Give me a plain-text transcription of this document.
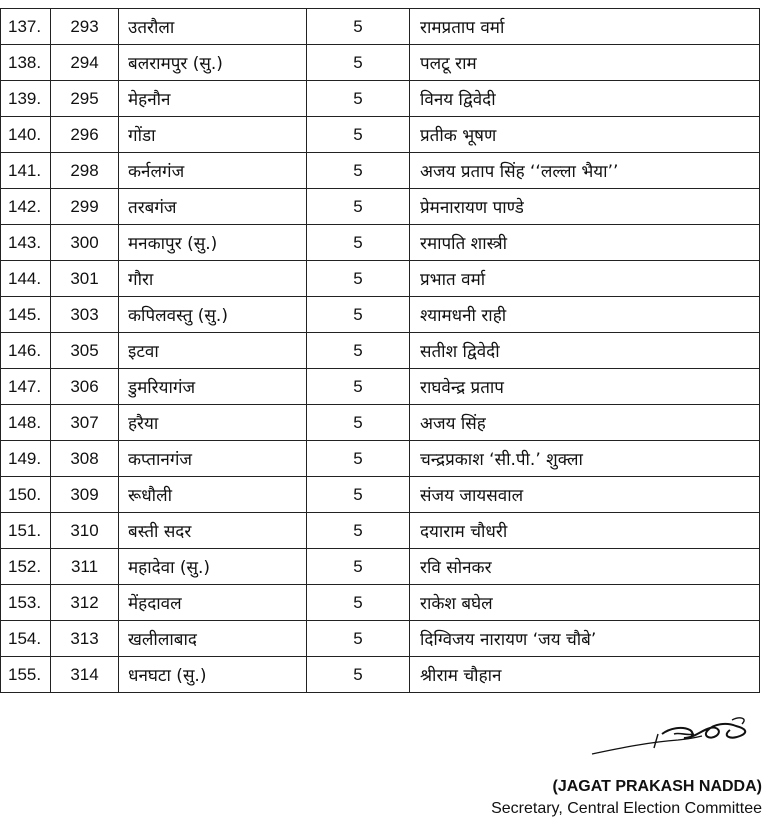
137.	293	उतरौला	5	रामप्रताप वर्मा
138.	294	बलरामपुर (सु.)	5	पलटू राम
139.	295	मेहनौन	5	विनय द्विवेदी
140.	296	गोंडा	5	प्रतीक भूषण
141.	298	कर्नलगंज	5	अजय प्रताप सिंह ‘‘लल्ला भैया’’
142.	299	तरबगंज	5	प्रेमनारायण पाण्डे
143.	300	मनकापुर (सु.)	5	रमापति शास्त्री
144.	301	गौरा	5	प्रभात वर्मा
145.	303	कपिलवस्तु (सु.)	5	श्यामधनी राही
146.	305	इटवा	5	सतीश द्विवेदी
147.	306	डुमरियागंज	5	राघवेन्द्र प्रताप
148.	307	हरैया	5	अजय सिंह
149.	308	कप्तानगंज	5	चन्द्रप्रकाश ‘सी.पी.’ शुक्ला
150.	309	रूधौली	5	संजय जायसवाल
151.	310	बस्ती सदर	5	दयाराम चौधरी
152.	311	महादेवा (सु.)	5	रवि सोनकर
153.	312	मेंहदावल	5	राकेश बघेल
154.	313	खलीलाबाद	5	दिग्विजय नारायण ‘जय चौबे’
155.	314	धनघटा (सु.)	5	श्रीराम चौहान
(JAGAT PRAKASH NADDA)
Secretary, Central Election Committee
